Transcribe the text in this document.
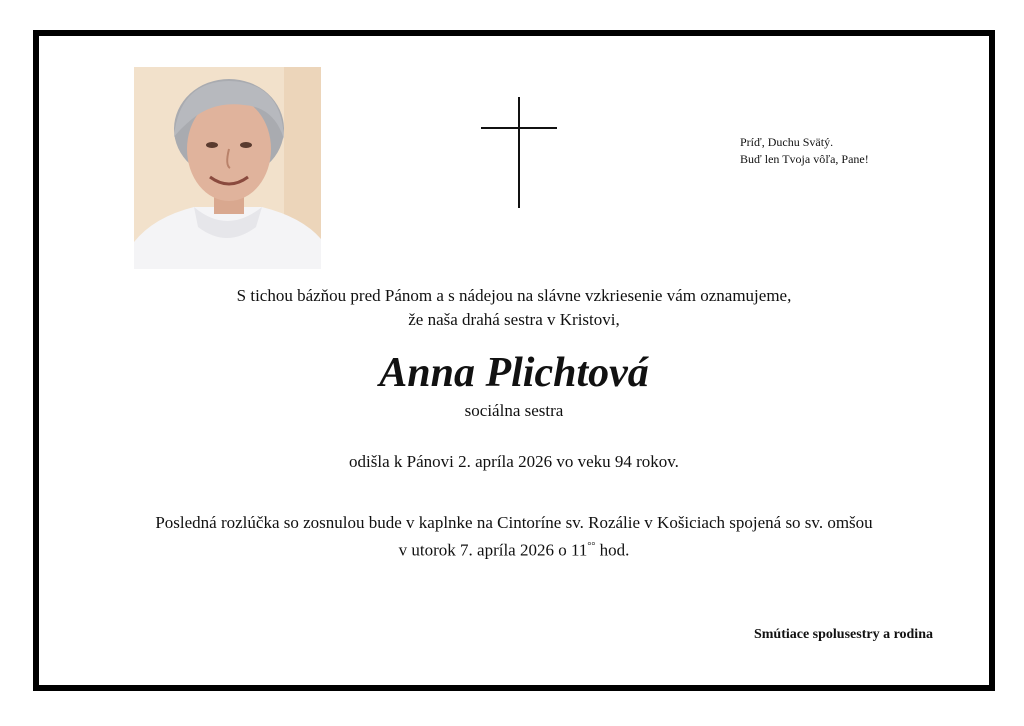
Príď, Duchu Svätý.
Buď len Tvoja vôľa, Pane!
S tichou bázňou pred Pánom a s nádejou na slávne vzkriesenie vám oznamujeme,
že naša drahá sestra v Kristovi,
Anna Plichtová
sociálna sestra
odišla k Pánovi 2. apríla 2026 vo veku 94 rokov.
Posledná rozlúčka so zosnulou bude v kaplnke na Cintoríne sv. Rozálie v Košiciach spojená so sv. omšou
v utorok 7. apríla 2026 o 11°° hod.
Smútiace spolusestry a rodina
